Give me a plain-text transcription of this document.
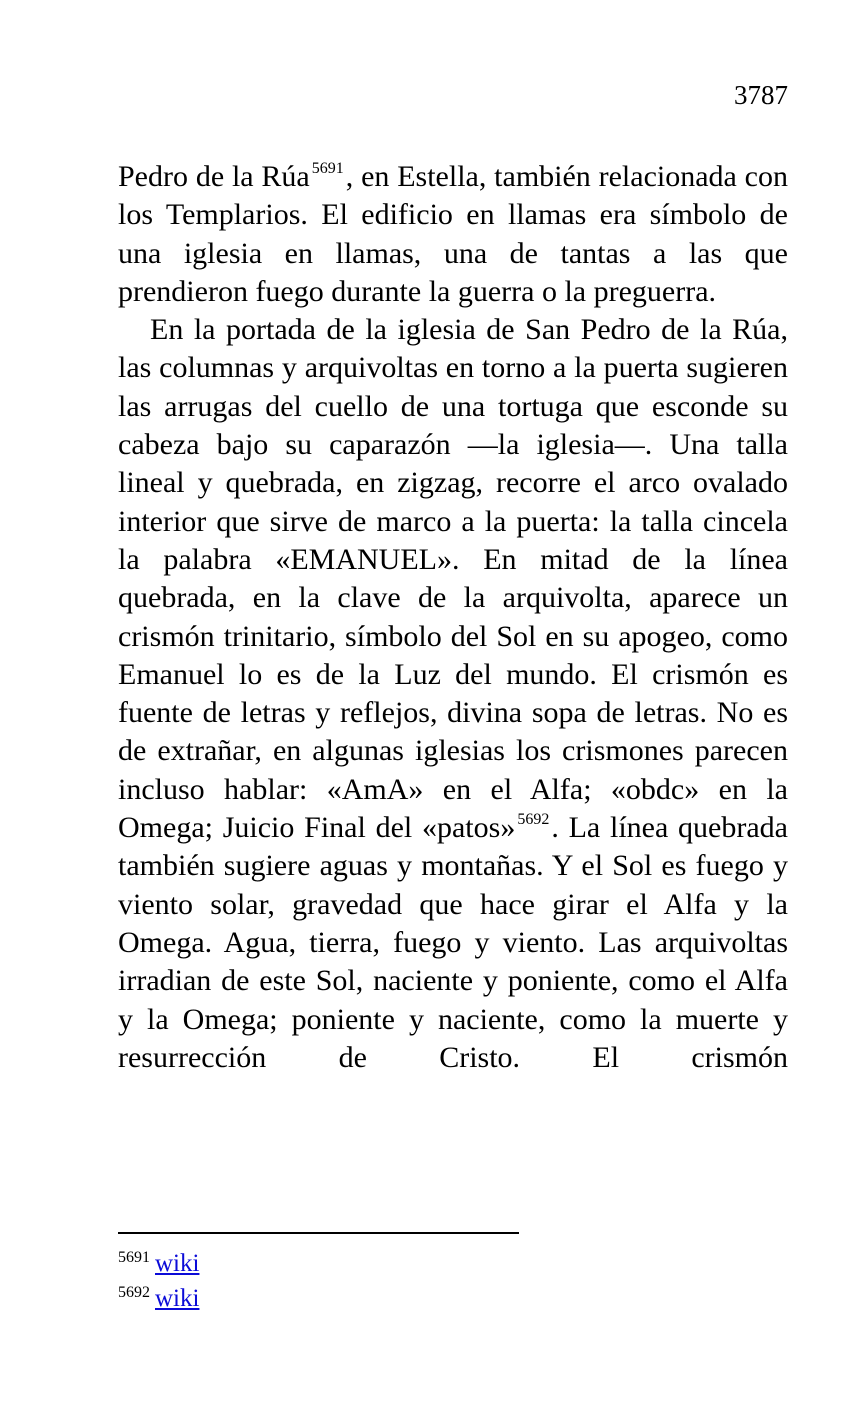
3787

Pedro de la Rúa $^{5691}$, en Estella, también relacionada con los Templarios. El edificio en llamas era símbolo de una iglesia en llamas, una de tantas a las que prendieron fuego durante la guerra o la preguerra.

En la portada de la iglesia de San Pedro de la Rúa, las columnas y arquivoltas en torno a la puerta sugieren las arrugas del cuello de una tortuga que esconde su cabeza bajo su caparazón —la iglesia—. Una talla lineal y quebrada, en zigzag, recorre el arco ovalado interior que sirve de marco a la puerta: la talla cincela la palabra «EMANUEL». En mitad de la línea quebrada, en la clave de la arquivolta, aparece un crismón trinitario, símbolo del Sol en su apogeo, como Emanuel lo es de la Luz del mundo. El crismón es fuente de letras y reflejos, divina sopa de letras. No es de extrañar, en algunas iglesias los crismones parecen incluso hablar: «AmA» en el Alfa; «obdc» en la Omega; Juicio Final del «patos» $^{5692}$. La línea quebrada también sugiere aguas y montañas. Y el Sol es fuego y viento solar, gravedad que hace girar el Alfa y la Omega. Agua, tierra, fuego y viento. Las arquivoltas irradian de este Sol, naciente y poniente, como el Alfa y la Omega; poniente y naciente, como la muerte y resurrección de Cristo. El crismón

5691 wiki
5692 wiki
